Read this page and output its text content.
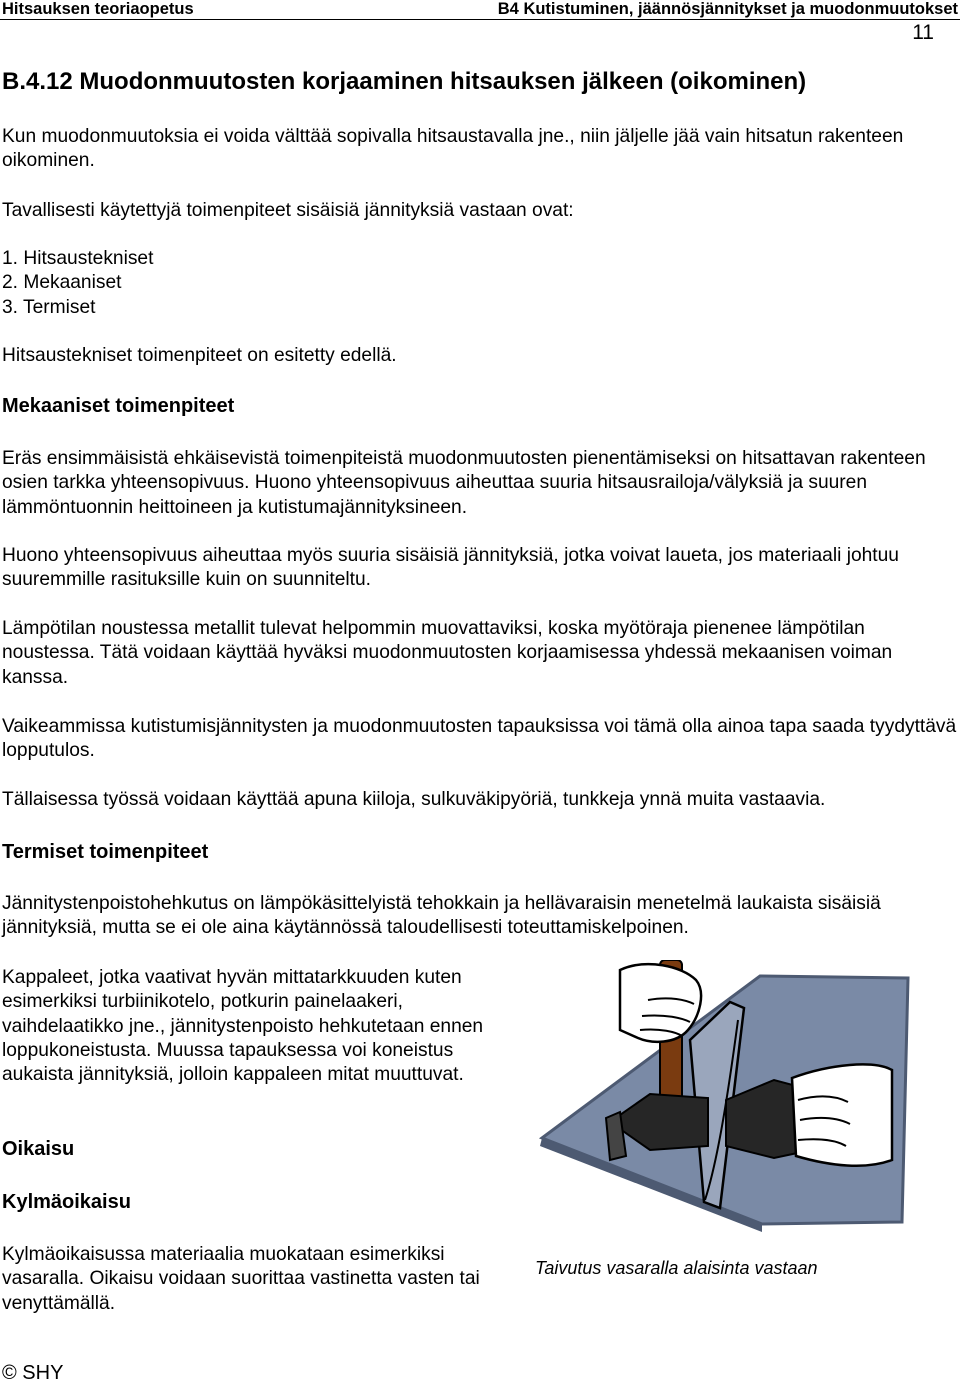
Hitsauksen teoriaopetus	B4 Kutistuminen, jäännösjännitykset ja muodonmuutokset
11
B.4.12 Muodonmuutosten korjaaminen hitsauksen jälkeen (oikominen)

Kun muodonmuutoksia ei voida välttää sopivalla hitsaustavalla jne., niin jäljelle jää vain hitsatun rakenteen oikominen.

Tavallisesti käytettyjä toimenpiteet sisäisiä jännityksiä vastaan ovat:

1. Hitsaustekniset

2. Mekaaniset

3. Termiset

Hitsaustekniset toimenpiteet on esitetty edellä.

Mekaaniset toimenpiteet

Eräs ensimmäisistä ehkäisevistä toimenpiteistä muodonmuutosten pienentämiseksi on hitsattavan rakenteen osien tarkka yhteensopivuus. Huono yhteensopivuus aiheuttaa suuria hitsausrailoja/välyksiä ja suuren lämmöntuonnin heittoineen ja kutistumajännityksineen.

Huono yhteensopivuus aiheuttaa myös suuria sisäisiä jännityksiä, jotka voivat laueta, jos materiaali johtuu suuremmille rasituksille kuin on suunniteltu.

Lämpötilan noustessa metallit tulevat helpommin muovattaviksi, koska myötöraja pienenee lämpötilan noustessa. Tätä voidaan käyttää hyväksi muodonmuutosten korjaamisessa yhdessä mekaanisen voiman kanssa.

Vaikeammissa kutistumisjännitysten ja muodonmuutosten tapauksissa voi tämä olla ainoa tapa saada tyydyttävä lopputulos.

Tällaisessa työssä voidaan käyttää apuna kiiloja, sulkuväkipyöriä, tunkkeja ynnä muita vastaavia.

Termiset toimenpiteet

Jännitystenpoistohehkutus on lämpökäsittelyistä tehokkain ja hellävaraisin menetelmä laukaista sisäisiä jännityksiä, mutta se ei ole aina käytännössä taloudellisesti toteuttamiskelpoinen.

Kappaleet, jotka vaativat hyvän mittatarkkuuden kuten esimerkiksi turbiinikotelo, potkurin painelaakeri, vaihdelaatikko jne., jännitystenpoisto hehkutetaan ennen loppukoneistusta. Muussa tapauksessa voi koneistus aukaista jännityksiä, jolloin kappaleen mitat muuttuvat.

Oikaisu
Kylmäoikaisu

Kylmäoikaisussa materiaalia muokataan esimerkiksi vasaralla. Oikaisu voidaan suorittaa vastinetta vasten tai venyttämällä.

Taivutus vasaralla alaisinta vastaan
© SHY
